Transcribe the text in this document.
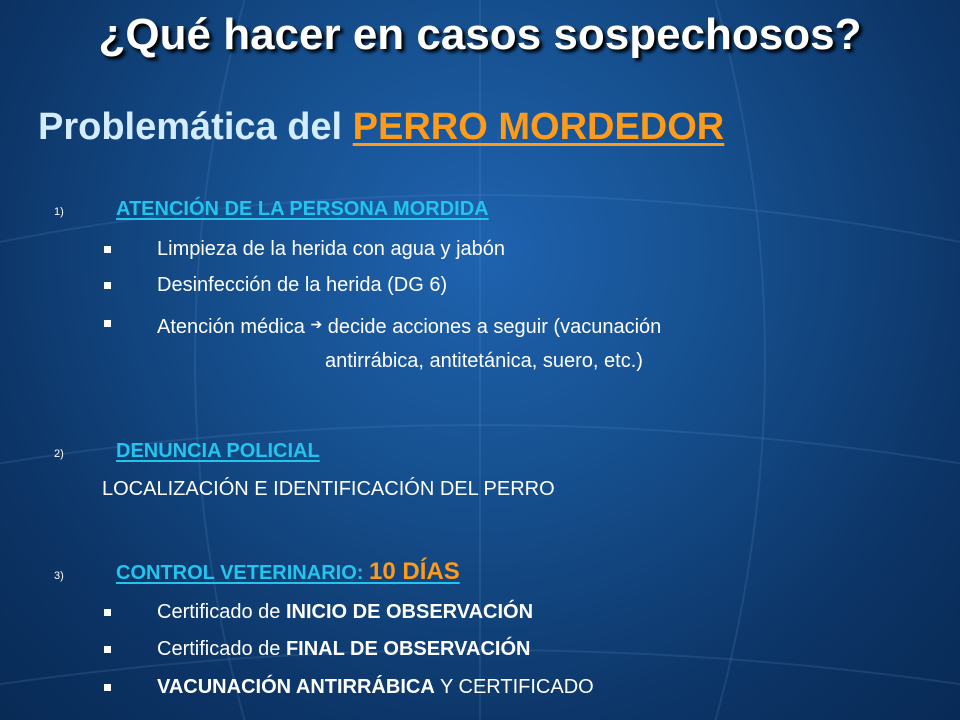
¿Qué hacer en casos sospechosos?
Problemática del PERRO MORDEDOR
1)	ATENCIÓN DE LA PERSONA MORDIDA
Limpieza de la herida con agua y jabón
Desinfección de la herida (DG 6)
Atención médica ➔ decide acciones a seguir (vacunación
antirrábica, antitetánica, suero, etc.)
2)	DENUNCIA POLICIAL
LOCALIZACIÓN E IDENTIFICACIÓN DEL PERRO
3)	CONTROL VETERINARIO: 10 DÍAS
Certificado de INICIO DE OBSERVACIÓN
Certificado de FINAL DE OBSERVACIÓN
VACUNACIÓN ANTIRRÁBICA Y CERTIFICADO
